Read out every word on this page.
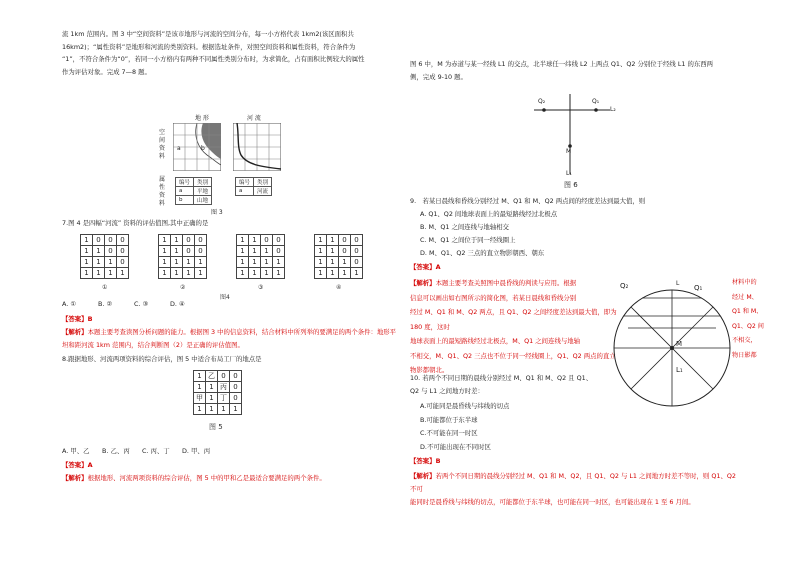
流 1km 范围内。图 3 中“空间资料”是该市地形与河流的空间分布，每一小方格代表 1km2(该区面积共
16km2)；“属性资料”是地形和河流的类别资料。根据选址条件，对照空间资料和属性资料，符合条件为
“1”，不符合条件为“0”，若同一小方格内有两种不同属性类别分布时，为求简化，占有面积比例较大的属性
作为评估对象。完成 7—8 题。
地 形	河 流
空间资料
属性资料
a	b
编号	类别
a	平地
b	山地
编号	类别
a	河流
图 3
7.图 4 是四幅“河流” 资料的评估值图,其中正确的是
1	0	0	0
1	1	0	0
1	1	1	0
1	1	1	1
1	1	0	0
1	1	0	0
1	1	1	1
1	1	1	1
1	1	0	0
1	1	1	0
1	1	1	1
1	1	1	1
1	1	0	0
1	1	0	0
1	1	1	0
1	1	1	1
①	②	③	④
图4
A. ①	B. ②	C. ③	D. ④
【答案】B
【解析】本题主要考查读图分析问题的能力。根据图 3 中的信息资料，结合材料中所列举的要满足的两个条件：地形平坦和距河流 1km 范围内，结合判断图（2）是正确的评估值图。
8.跟据地形、河流两项资料的综合评估，图 5 中适合布局工厂的地点是
1	乙	0	0
1	1	丙	0
甲	1	丁	0
1	1	1	1
图 5
A. 甲、乙 B. 乙、丙 C. 丙、丁 D. 甲、丙
【答案】A
【解析】根据地形、河流两项资料的综合评估，图 5 中的甲和乙是最适合要满足的两个条件。
图 6 中，M 为赤道与某一经线 L1 的交点，北半球任一纬线 L2 上两点 Q1、Q2 分别位于经线 L1 的东西两
侧，完成 9-10 题。
Q₂	Q₁
L₂
M
L₁
图 6
9.　若某日晨线和昏线分别经过 M、Q1 和 M、Q2 两点间的经度差达到最大值，则
A. Q1、Q2 间地球表面上的最短路线经过北极点
B. M、Q1 之间连线与地轴相交
C. M、Q1 之间位于同一经线圈上
D. M、Q1、Q2 三点的直立物影朝西、朝东
【答案】A
【解析】本题主要考查关照图中晨昏线的判读与应用。根据
信息可以画出如右图所示的简化图，若某日晨线和昏线分别
经过 M、Q1 和 M、Q2 两点，且 Q1、Q2 之间经度差达到最大值，即为 180 度，这时
地球表面上的最短路线经过北极点，M、Q1 之间连线与地轴
不相交，M、Q1、Q2 三点也不位于同一经线圈上，Q1、Q2 两点的直立
物影都朝北。
Q₂	L
Q₁
M
L₁
材料中的
经过 M、
Q1 和 M、
Q1、Q2 间
不相交，
物日影都
10. 若两个不同日期的晨线分别经过 M、Q1 和 M、Q2 且 Q1、
Q2 与 L1 之间地方时差：
A.可能同是晨昏线与纬线的切点
B.可能都位于东半球
C.不可能在同一时区
D.不可能出现在不同时区
【答案】B
【解析】若两个不同日期的晨线分别经过 M、Q1 和 M、Q2，且 Q1、Q2 与 L1 之间地方时差不等时，则 Q1、Q2 不可
能同时是晨昏线与纬线的切点，可能都位于东半球，也可能在同一时区，也可能出现在 1 至 6 月间。
